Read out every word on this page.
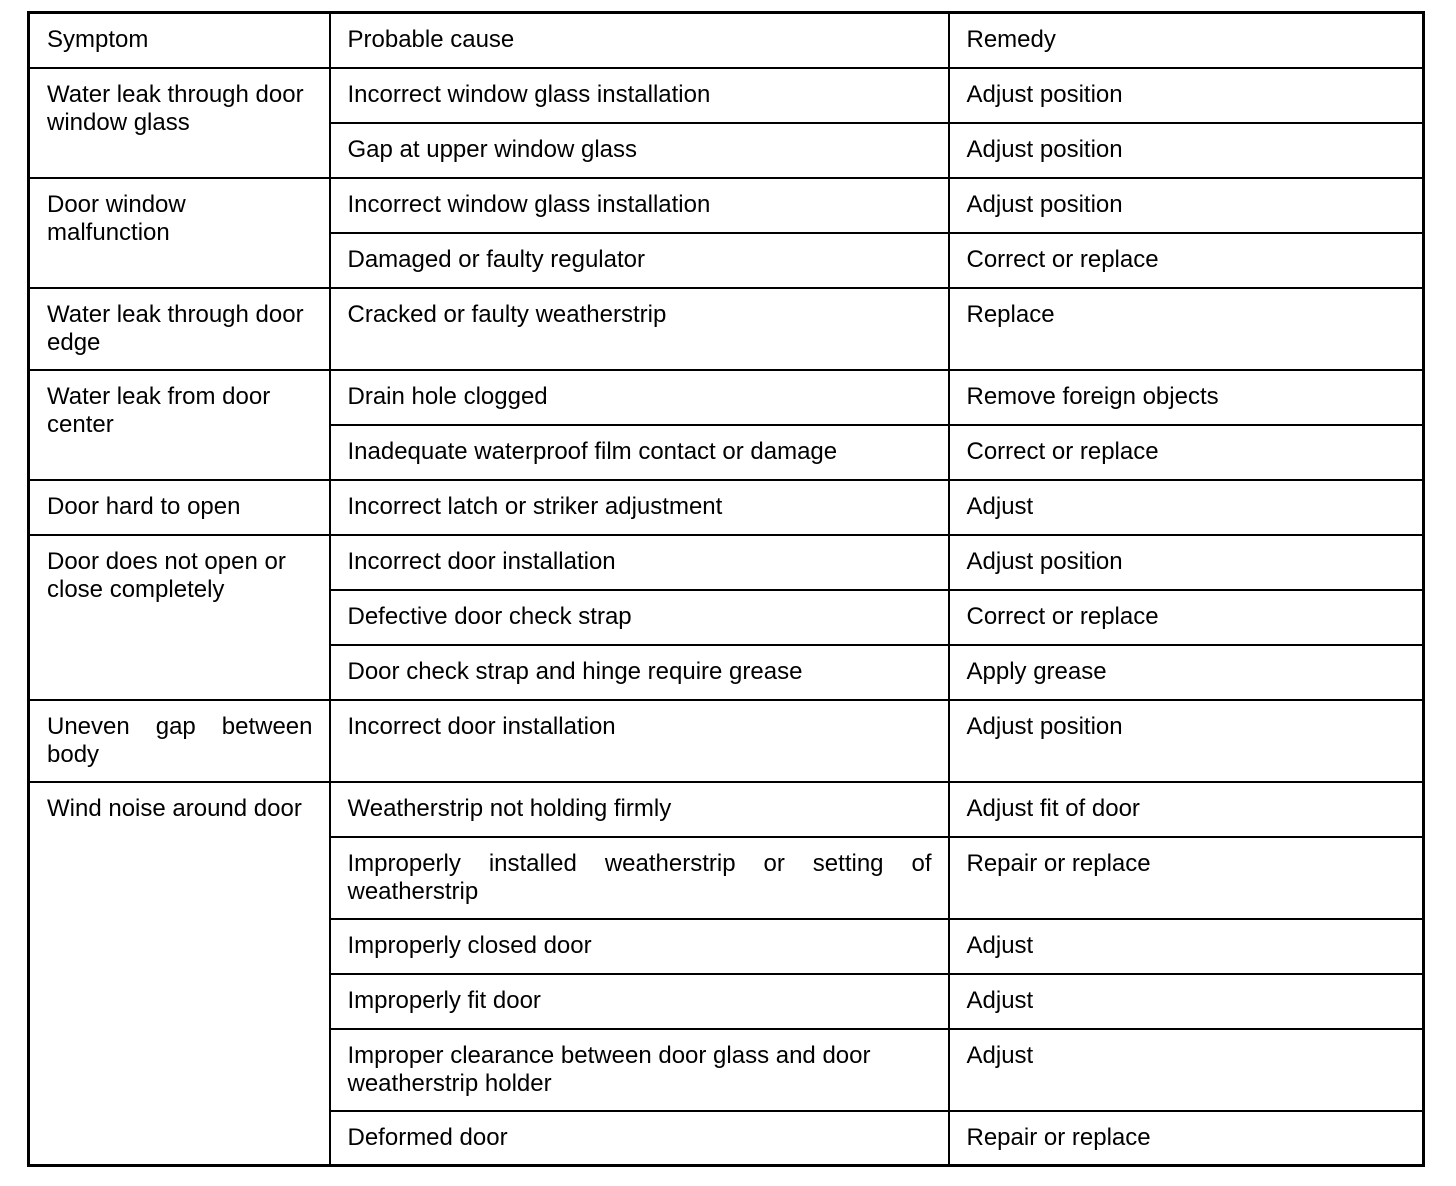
Symptom	Probable cause	Remedy
Water leak through door window glass	Incorrect window glass installation	Adjust position
	Gap at upper window glass	Adjust position
Door window malfunction	Incorrect window glass installation	Adjust position
	Damaged or faulty regulator	Correct or replace
Water leak through door edge	Cracked or faulty weatherstrip	Replace
Water leak from door center	Drain hole clogged	Remove foreign objects
	Inadequate waterproof film contact or damage	Correct or replace
Door hard to open	Incorrect latch or striker adjustment	Adjust
Door does not open or close completely	Incorrect door installation	Adjust position
	Defective door check strap	Correct or replace
	Door check strap and hinge require grease	Apply grease
Uneven gap between body	Incorrect door installation	Adjust position
Wind noise around door	Weatherstrip not holding firmly	Adjust fit of door
	Improperly installed weatherstrip or setting of weatherstrip	Repair or replace
	Improperly closed door	Adjust
	Improperly fit door	Adjust
	Improper clearance between door glass and door weatherstrip holder	Adjust
	Deformed door	Repair or replace
